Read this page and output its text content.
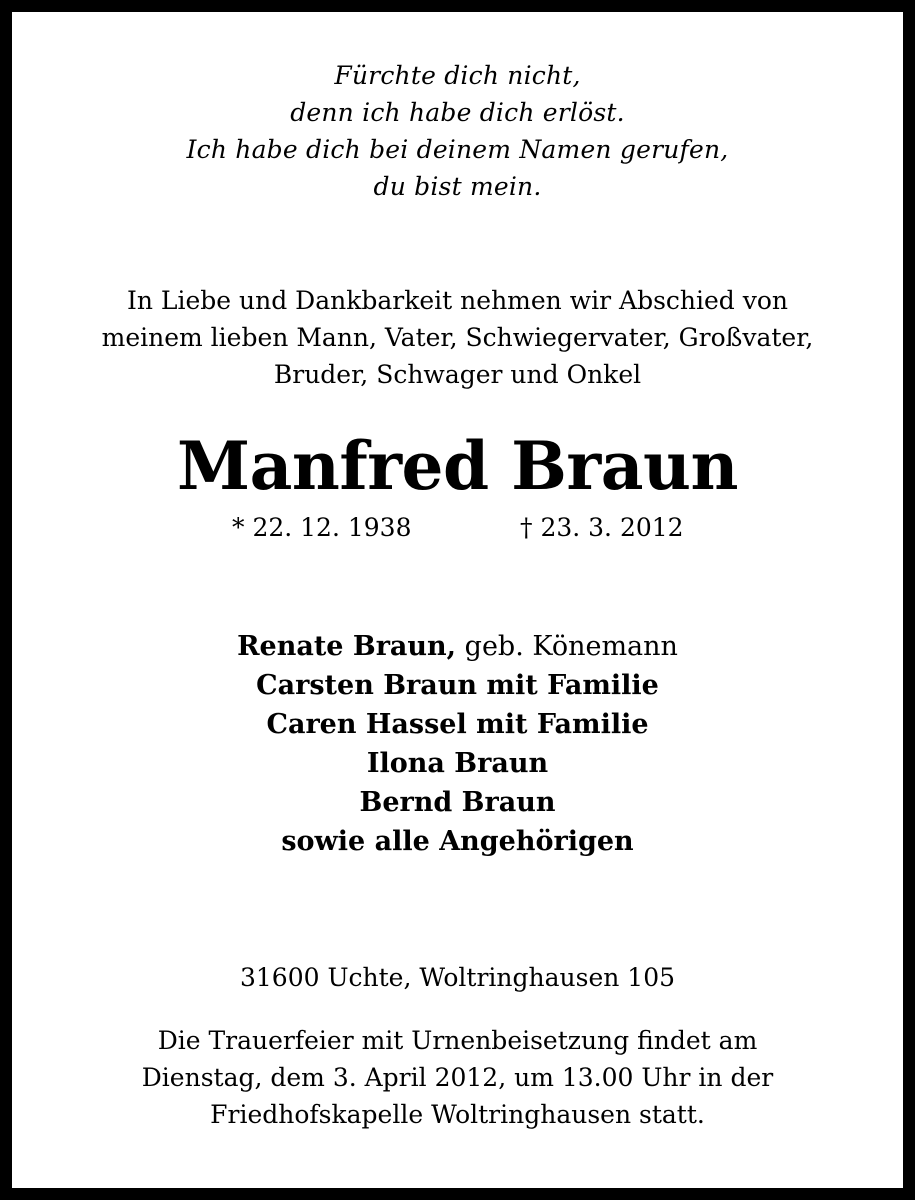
Fürchte dich nicht,
denn ich habe dich erlöst.
Ich habe dich bei deinem Namen gerufen,
du bist mein.
In Liebe und Dankbarkeit nehmen wir Abschied von
meinem lieben Mann, Vater, Schwiegervater, Großvater,
Bruder, Schwager und Onkel
Manfred Braun
* 22. 12. 1938	† 23. 3. 2012
Renate Braun, geb. Könemann
Carsten Braun mit Familie
Caren Hassel mit Familie
Ilona Braun
Bernd Braun
sowie alle Angehörigen
31600 Uchte, Woltringhausen 105
Die Trauerfeier mit Urnenbeisetzung findet am
Dienstag, dem 3. April 2012, um 13.00 Uhr in der
Friedhofskapelle Woltringhausen statt.
